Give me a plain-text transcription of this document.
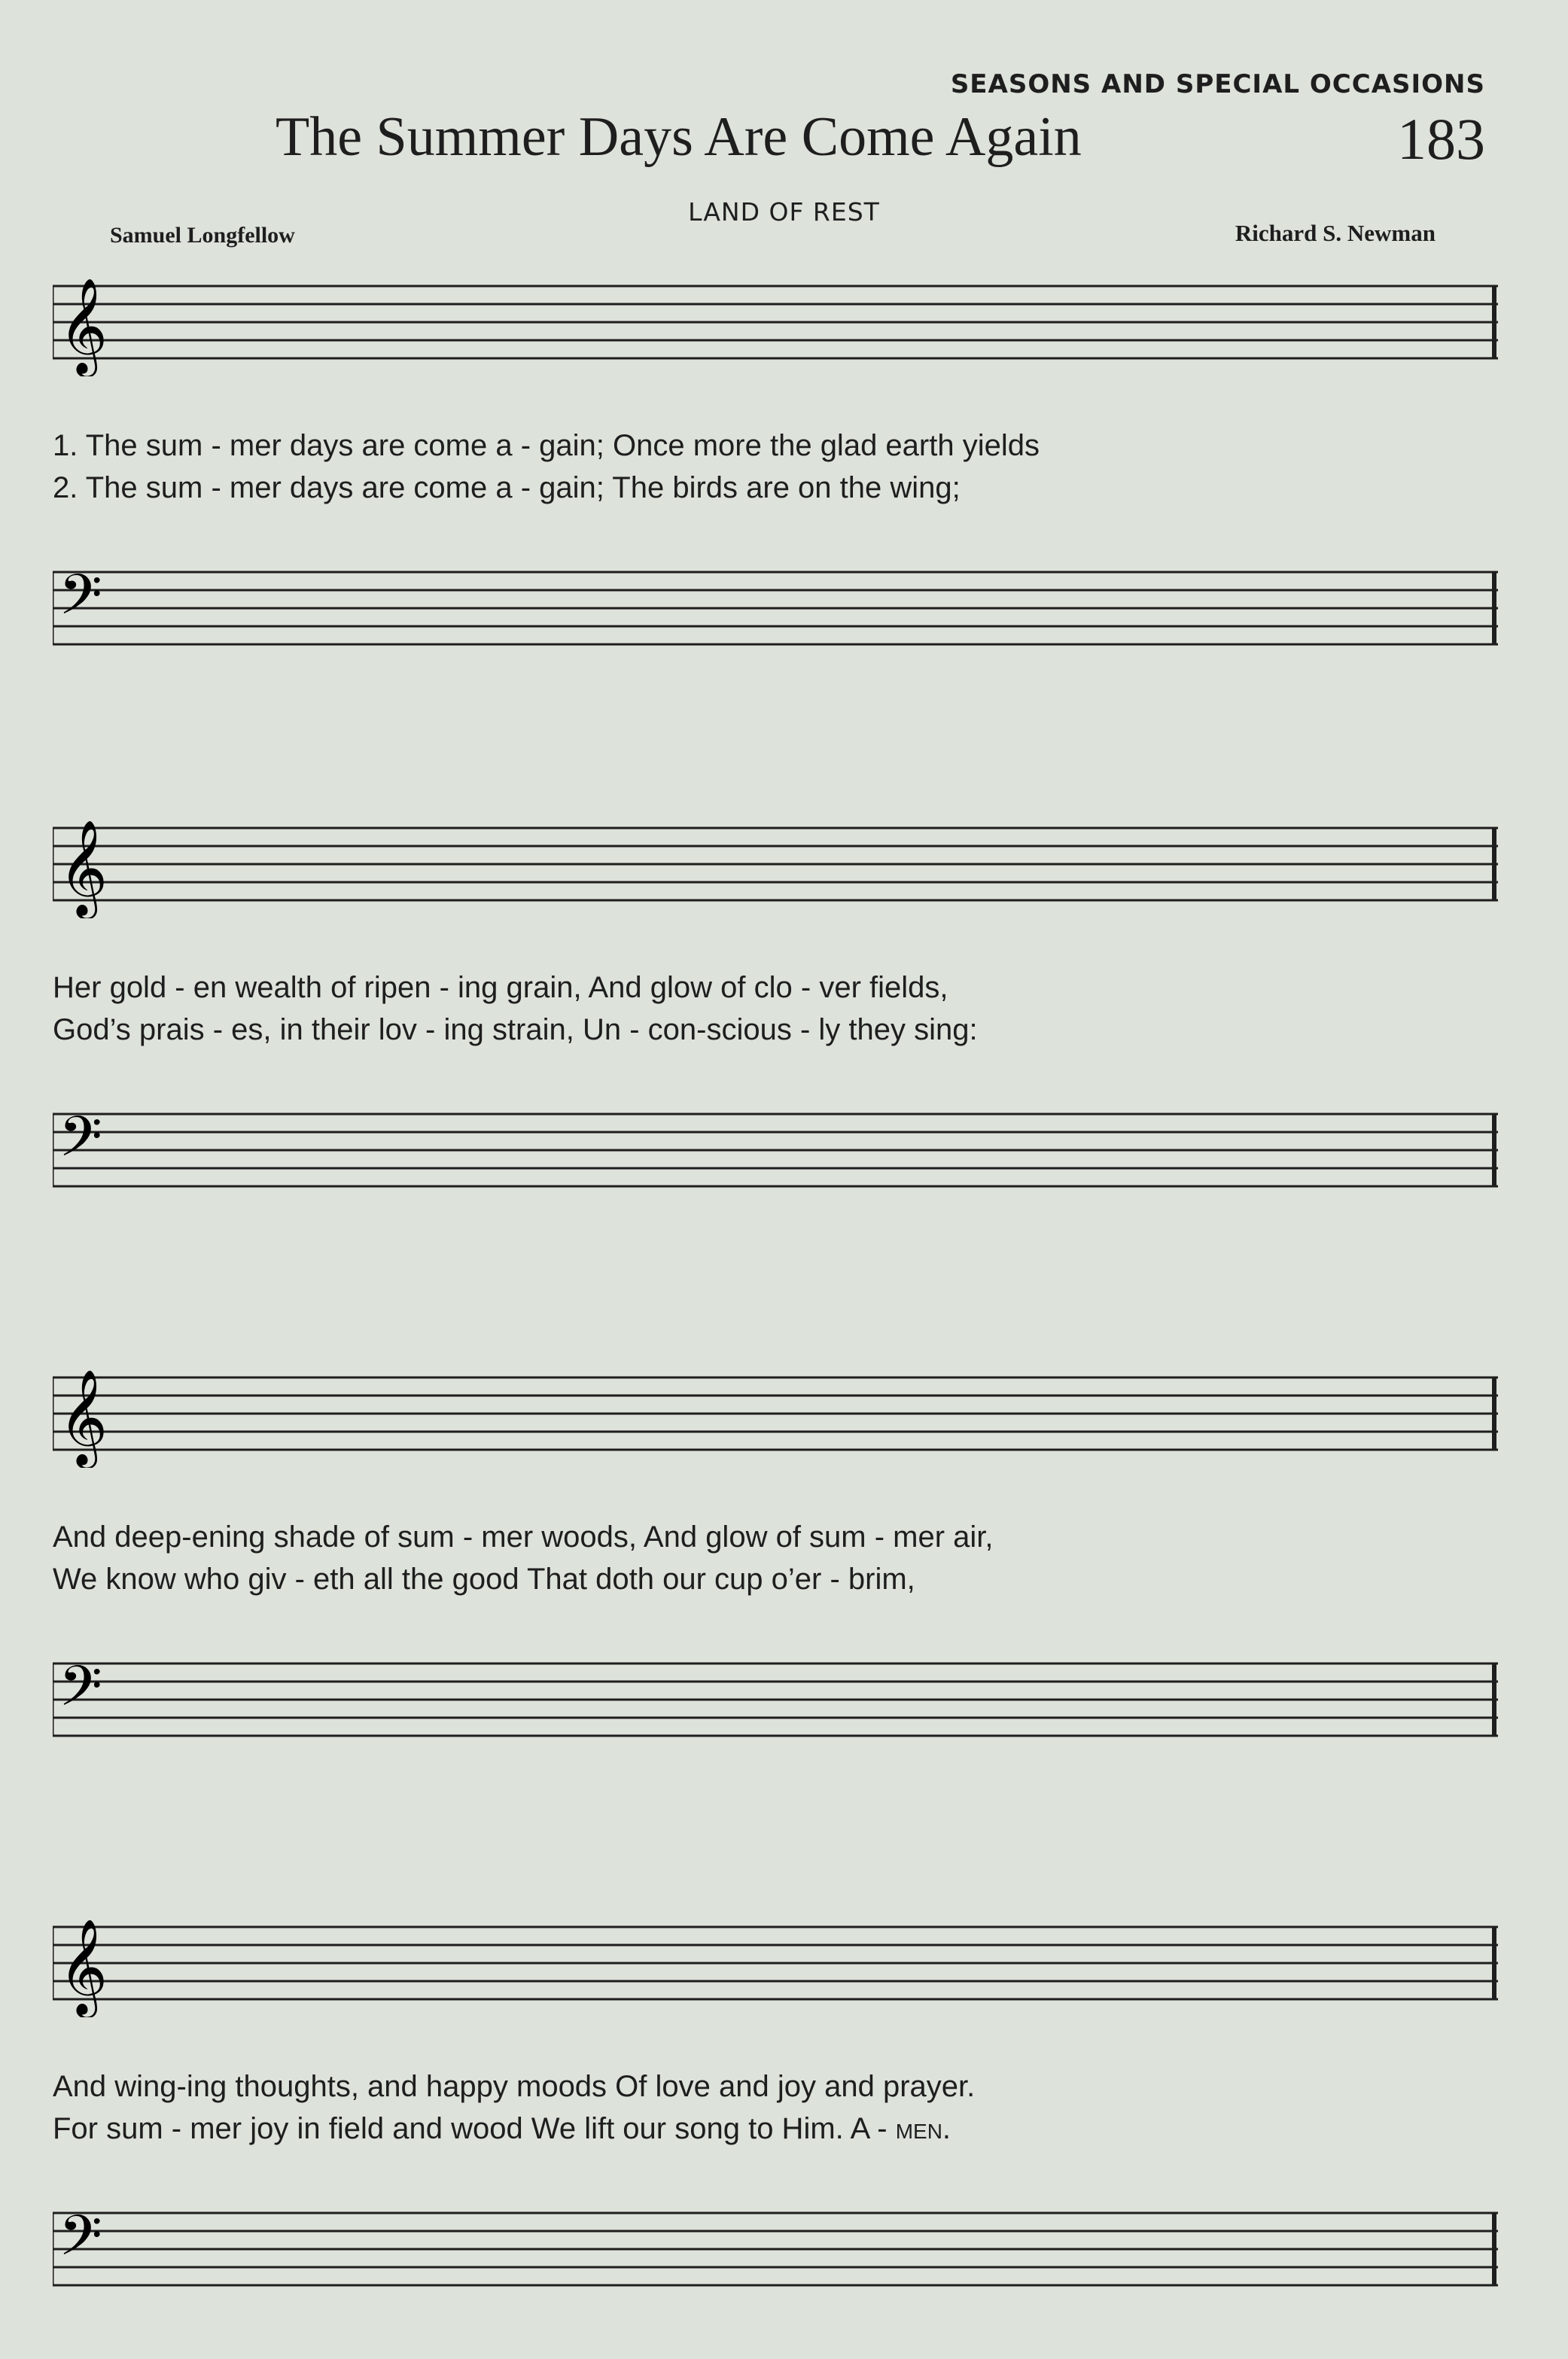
SEASONS AND SPECIAL OCCASIONS
The Summer Days Are Come Again	183
LAND OF REST
Samuel Longfellow	Richard S. Newman
𝄞
1. The sum - mer days are come a - gain; Once more the glad earth yields
2. The sum - mer days are come a - gain; The birds are on the wing;
𝄢
𝄞
Her gold - en wealth of ripen - ing grain, And glow of clo - ver fields,
God’s prais - es, in their lov - ing strain, Un - con-scious - ly they sing:
𝄢
𝄞
And deep-ening shade of sum - mer woods, And glow of sum - mer air,
We know who giv - eth all the good That doth our cup o’er - brim,
𝄢
𝄞
And wing-ing thoughts, and happy moods Of love and joy and prayer.
For sum - mer joy in field and wood We lift our song to Him. A - men.
𝄢
